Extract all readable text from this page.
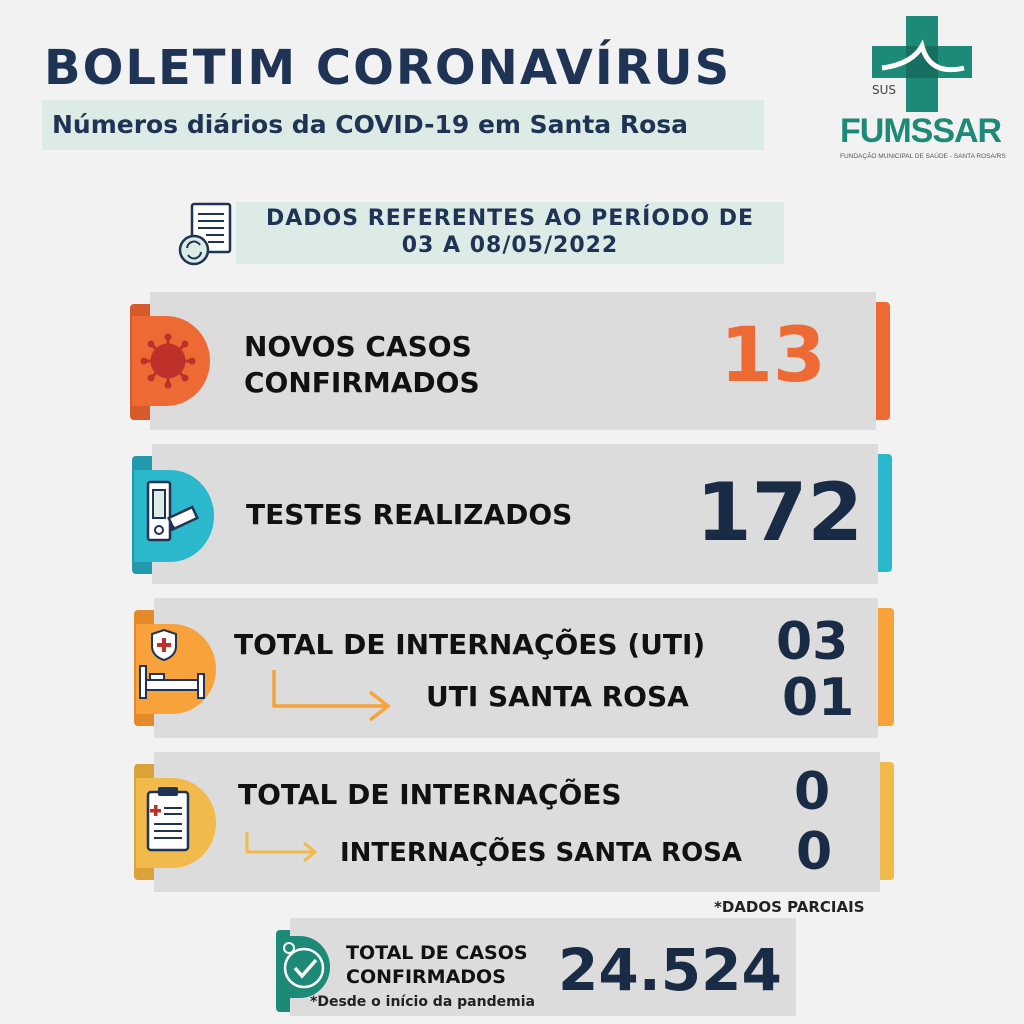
BOLETIM CORONAVÍRUS
Números diários da COVID-19 em Santa Rosa
SUS
FUMSSAR
FUNDAÇÃO MUNICIPAL DE SAÚDE - SANTA ROSA/RS
DADOS REFERENTES AO PERÍODO DE
03 A 08/05/2022
NOVOS CASOS
CONFIRMADOS	13
TESTES REALIZADOS 172
TOTAL DE INTERNAÇÕES (UTI) 03
UTI SANTA ROSA 01
TOTAL DE INTERNAÇÕES	0
INTERNAÇÕES SANTA ROSA 0
*DADOS PARCIAIS
TOTAL DE CASOS
CONFIRMADOS 24.524
*Desde o início da pandemia
